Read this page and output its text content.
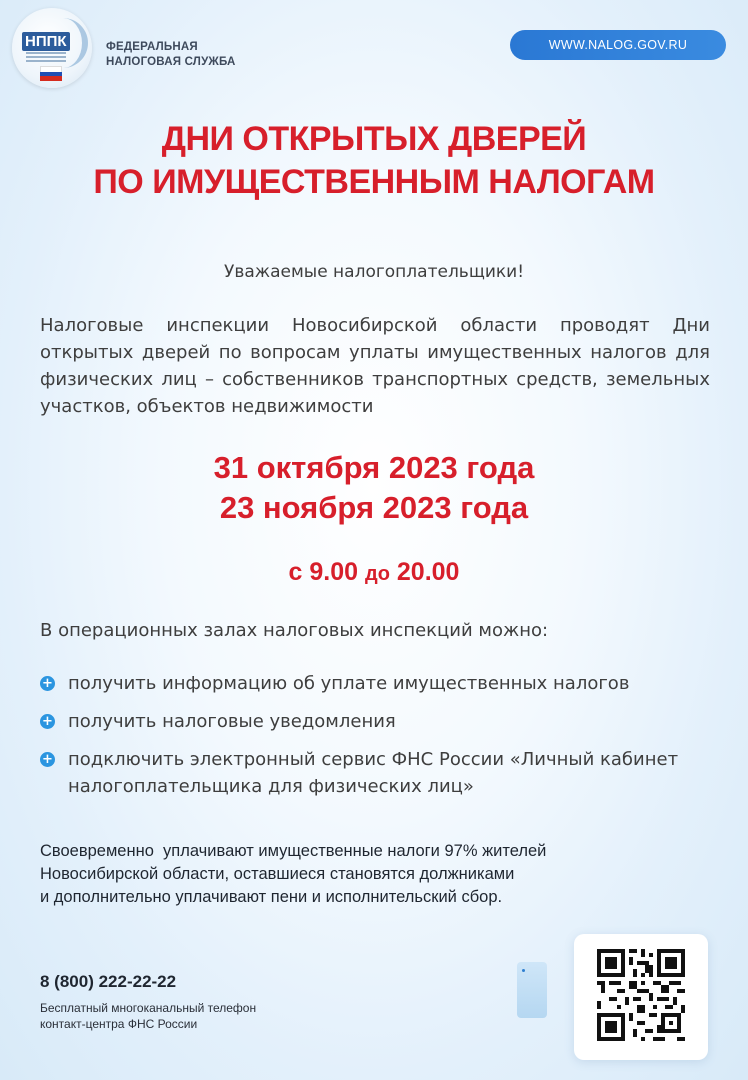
НППК	ФЕДЕРАЛЬНАЯ
НАЛОГОВАЯ СЛУЖБА
WWW.NALOG.GOV.RU
ДНИ ОТКРЫТЫХ ДВЕРЕЙ
ПО ИМУЩЕСТВЕННЫМ НАЛОГАМ
Уважаемые налогоплательщики!
Налоговые инспекции Новосибирской области проводят Дни открытых дверей по вопросам уплаты имущественных налогов для физических лиц – собственников транспортных средств, земельных участков, объектов недвижимости
31 октября 2023 года
23 ноября 2023 года
с 9.00 до 20.00
В операционных залах налоговых инспекций можно:
+ получить информацию об уплате имущественных налогов
+ получить налоговые уведомления
+ подключить электронный сервис ФНС России «Личный кабинет налогоплательщика для физических лиц»
Своевременно  уплачивают имущественные налоги 97% жителей
Новосибирской области, оставшиеся становятся должниками
и дополнительно уплачивают пени и исполнительский сбор.
8 (800) 222-22-22
Бесплатный многоканальный телефон
контакт-центра ФНС России
